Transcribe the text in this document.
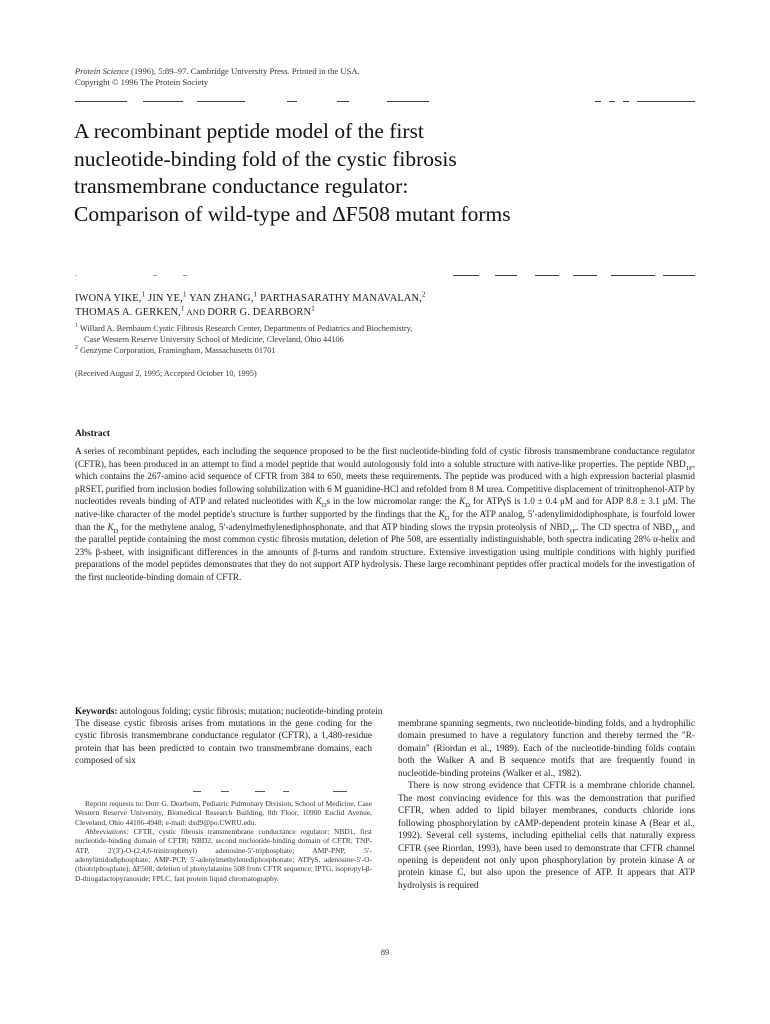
Protein Science (1996), 5:89–97. Cambridge University Press. Printed in the USA.
Copyright © 1996 The Protein Society
A recombinant peptide model of the first
nucleotide-binding fold of the cystic fibrosis
transmembrane conductance regulator:
Comparison of wild-type and ΔF508 mutant forms
IWONA YIKE,$^1$ JIN YE,$^1$ YAN ZHANG,$^1$ PARTHASARATHY MANAVALAN,$^2$
THOMAS A. GERKEN,$^1$ AND DORR G. DEARBORN$^1$
$^1$ Willard A. Bernbaum Cystic Fibrosis Research Center, Departments of Pediatrics and Biochemistry,
Case Western Reserve University School of Medicine, Cleveland, Ohio 44106
$^2$ Genzyme Corporation, Framingham, Massachusetts 01701
(Received August 2, 1995; Accepted October 10, 1995)
Abstract

A series of recombinant peptides, each including the sequence proposed to be the first nucleotide-binding fold of cystic fibrosis transmembrane conductance regulator (CFTR), has been produced in an attempt to find a model peptide that would autologously fold into a soluble structure with native-like properties. The peptide $NBD_{1F}$, which contains the 267-amino acid sequence of CFTR from 384 to 650, meets these requirements. The peptide was produced with a high expression bacterial plasmid pRSET, purified from inclusion bodies following solubilization with 6 M guanidine-HCl and refolded from 8 M urea. Competitive displacement of trinitrophenol-ATP by nucleotides reveals binding of ATP and related nucleotides with $K_Ds$ in the low micromolar range: the $K_D$ for ATPγS is 1.0 ± 0.4 μM and for ADP 8.8 ± 3.1 μM. The native-like character of the model peptide's structure is further supported by the findings that the $K_D$ for the ATP analog, 5′-adenylimidodiphosphate, is fourfold lower than the $K_D$ for the methylene analog, 5′-adenylmethylenediphosphonate, and that ATP binding slows the trypsin proteolysis of $NBD_{1F}$. The CD spectra of $NBD_{1F}$ and the parallel peptide containing the most common cystic fibrosis mutation, deletion of Phe 508, are essentially indistinguishable, both spectra indicating 28% α-helix and 23% β-sheet, with insignificant differences in the amounts of β-turns and random structure. Extensive investigation using multiple conditions with highly purified preparations of the model peptides demonstrates that they do not support ATP hydrolysis. These large recombinant peptides offer practical models for the investigation of the first nucleotide-binding domain of CFTR.

Keywords: autologous folding; cystic fibrosis; mutation; nucleotide-binding protein

The disease cystic fibrosis arises from mutations in the gene coding for the cystic fibrosis transmembrane conductance regulator (CFTR), a 1,480-residue protein that has been predicted to contain two transmembrane domains, each composed of six

Reprint requests to: Dorr G. Dearborn, Pediatric Pulmonary Division, School of Medicine, Case Western Reserve University, Biomedical Research Building, 8th Floor, 10900 Euclid Avenue, Cleveland, Ohio 44106-4948; e-mail: dxd9@po.CWRU.edu.

Abbreviations: CFTR, cystic fibrosis transmembrane conductance regulator; NBD1, first nucleotide-binding domain of CFTR; NBD2, second nucleotide-binding domain of CFTR; TNP-ATP, 2′(3′)-O-(2,4,6-trinitrophenyl) adenosine-5′-triphosphate; AMP-PNP, 5′-adenylimidodiphosphate; AMP-PCP, 5′-adenylmethylenediphosphonate; ATPγS, adenosine-5′-O-(thiotriphosphate); ΔF508, deletion of phenylalanine 508 from CFTR sequence; IPTG, isopropyl-β-D-thiogalactopyranoside; FPLC, fast protein liquid chromatography.

membrane spanning segments, two nucleotide-binding folds, and a hydrophilic domain presumed to have a regulatory function and thereby termed the "R-domain" (Riordan et al., 1989). Each of the nucleotide-binding folds contain both the Walker A and B sequence motifs that are frequently found in nucleotide-binding proteins (Walker et al., 1982).

There is now strong evidence that CFTR is a membrane chloride channel. The most convincing evidence for this was the demonstration that purified CFTR, when added to lipid bilayer membranes, conducts chloride ions following phosphorylation by cAMP-dependent protein kinase A (Bear et al., 1992). Several cell systems, including epithelial cells that naturally express CFTR (see Riordan, 1993), have been used to demonstrate that CFTR channel opening is dependent not only upon phosphorylation by protein kinase A or protein kinase C, but also upon the presence of ATP. It appears that ATP hydrolysis is required

89
